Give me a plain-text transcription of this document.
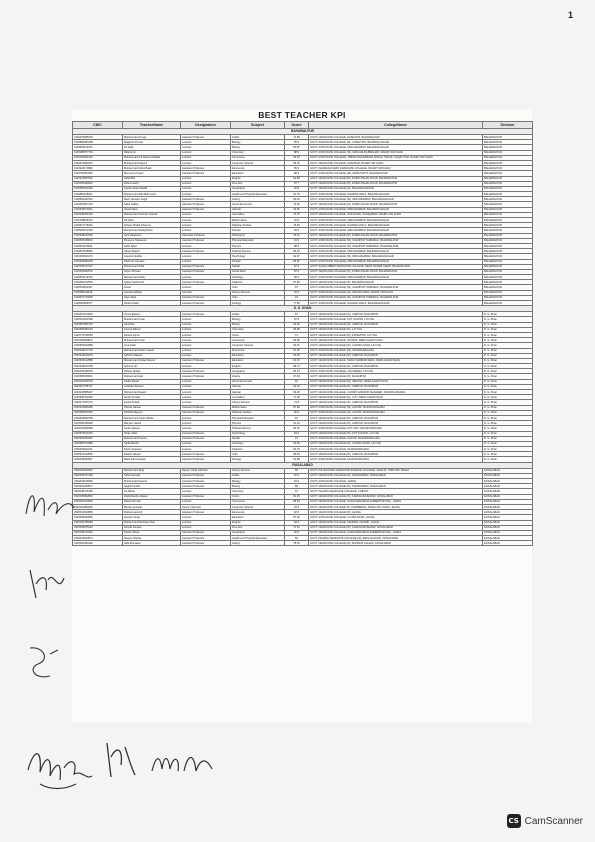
1
BEST TEACHER KPI
CNIC	TeacherName	Designation	Subject	Score	CollegeName	Division
BAHAWALPUR						
3120276688129	Muhammad Azmgir	Assistant Professor	Arabic	71.85	GOVT. GRADUATE COLLEGE, HASILPUR, BAHAWALPUR	BAHAWALPUR
3130882394289	Magbool Ahmad	Lecturer	Biology	95.5	GOVT. ASSOCIATE COLLEGE (M), CHISHTIAN, BAHAWALNAGAR	BAHAWALPUR
3110552672919	Ali Sajid	Lecturer	Botany	84.87	GOVT. ASSOCIATE COLLEGE, MINCHINABAD, BAHAWALNAGAR	BAHAWALPUR
3130088377764	Rida Amin	Lecturer	Chemistry	88.9	GOVT. ASSOCIATE COLLEGE (W), MANAHILIQUBESHAN, RAHIM YAR KHAN	BAHAWALPUR
3110106992329	Muhammad Arif Rasheed Malik	Lecturer	Commerce	90.45	GOVT. ASSOCIATE COLLEGE, TRINDA MUHAMMAD PANAH, TEHSIL LIAQAT PUR, RAHIM YAR KHAN	BAHAWALPUR
3130341689137	Muhammad Kaleem	Lecturer	Computer Science	86.18	GOVT. GRADUATE COLLEGE, KHANPUR, RAHIM YAR KHAN	BAHAWALPUR
3130324170991	Muhammad Abdul Basit	Assistant Professor	Economics	89.5	GOVT. KHAWAJA FARID GRADUATE COLLEGE, RAHIM YAR KHAN	BAHAWALPUR
3120763097652	Memoona Kiyani	Assistant Professor	Education	88.5	GOVT. ASSOCIATE COLLEGE (W), SAMA SATTA, BAHAWALPUR	BAHAWALPUR
3120124807622	Safia Bibi	Lecturer	English	92.68	GOVT. GRADUATE COLLEGE (W), DUBAI MAHAL ROAD, BAHAWALPUR	BAHAWALPUR
3120055499022	Zahra Haidry	Lecturer	Fine Arts	67.7	GOVT. GRADUATE COLLEGE (W), DUBAI MAHAL ROAD, BAHAWALPUR	BAHAWALPUR
3130550633160	Syeda Sultan Mahla	Lecturer	Geography	92.8	GOVT. GRADUATE COLLEGE (W), BAHAWALNAGAR	BAHAWALPUR
3110884125621	Muhammad Sibil Mahmood	Lecturer	Health and Physical Education	81.75	GOVT. ASSOCIATE COLLEGE, DAHRAN WALA, BAHAWALNAGAR	BAHAWALPUR
3130529449731	Nazir Hussain Asghl	Assistant Professor	History	90.16	GOVT. ASSOCIATE COLLEGE (W), MINCHINABAD, BAHAWALNAGAR	BAHAWALPUR
3120053967243	Saba Safdar	Assistant Professor	Home Economics	76.05	GOVT. GRADUATE COLLEGE (W), DUBAI MAHAL ROAD, BAHAWALPUR	BAHAWALPUR
3130536679441	Javed Iqbal	Assistant Professor	Islamiat	92.56	GOVT. ASSOCIATE COLLEGE, MINCHINABAD, BAHAWALNAGAR	BAHAWALPUR
3130436206749	Muhammad Zumman Sarwar	Lecturer	Journalism	70.75	GOVT. GRADUATE COLLEGE, JCW ROAD, SADIQABAD, RAHIM YAR KHAN	BAHAWALPUR
3110768825519	Ali Raza	Lecturer	Mathematics	91.5	GOVT. ASSOCIATE COLLEGE, MINCHINABAD, BAHAWALNAGAR	BAHAWALPUR
3110512776940	Zaheer Khalid Cheema	Lecturer	Pakistan Studies	76.35	GOVT. ASSOCIATE COLLEGE, DAHRAN WALA, BAHAWALNAGAR	BAHAWALPUR
3130225072118	Muhammad Shafiq Raza	Lecturer	Persian	94.5	GOVT. ASSOCIATE COLLEGE, MINCHINABAD, BAHAWALNAGAR	BAHAWALPUR
3120028237926	Aiza Tabassum	Associate Professor	Philosophy	76.12	GOVT. GRADUATE COLLEGE (W), DUBAI MAHAL ROAD, BAHAWALPUR	BAHAWALPUR
3130536448016	Rinsome Tabassum	Assistant Professor	Physical Education	91.5	GOVT. ASSOCIATE COLLEGE (W), KHANPUR TAMEWALI, BAHAWALPUR	BAHAWALPUR
3110551176843	Hafia Iqbal	Lecturer	Physics	88.5	GOVT. ASSOCIATE COLLEGE (W), KHANPUR TAMEWALI, BAHAWALPUR	BAHAWALPUR
3110837515684	Adnan Bashir	Assistant Professor	Political Science	80.23	GOVT. ASSOCIATE COLLEGE, MINCHINABAD, BAHAWALNAGAR	BAHAWALPUR
3130495104473	Aneeza Ghaffar	Lecturer	Psychology	92.97	GOVT. ASSOCIATE COLLEGE (W), MINCHINABAD, BAHAWALNAGAR	BAHAWALPUR
3130493983478	Shahnaz Hussain	Lecturer	Punjabi	86.87	GOVT. ASSOCIATE COLLEGE, MINCHINABAD, BAHAWALNAGAR	BAHAWALPUR
3120199727227	Muhammad Afzal	Assistant Professor	Saraiki	87.6	GOVT. SADIQ ABBAS GRADUATE COLLEGE, DERA NAWAB SAHIB, BAHAWALPUR	BAHAWALPUR
3120539062676	Anjum Rizwan	Assistant Professor	Social Work	87.5	GOVT. GRADUATE COLLEGE (W), DUBAI MAHAL ROAD, BAHAWALPUR	BAHAWALPUR
3130552113225	Muhammad Rafiq	Lecturer	Sociology	90.4	GOVT. ASSOCIATE COLLEGE, MINCHINABAD, BAHAWALNAGAR	BAHAWALPUR
3130593762554	Qaiser Mehmood	Assistant Professor	Statistics	87.83	GOVT. GRADUATE COLLEGE (W), BAHAWALNAGAR	BAHAWALPUR
3110549661937	Ismail	Lecturer	Urdu	87	GOVT. ASSOCIATE COLLEGE (W), KHANPUR TAMEWALI, BAHAWALPUR	BAHAWALPUR
3130458411108	Ayesha Zulfiqar	Librarian	Library Science	78.5	GOVT. ASSOCIATE COLLEGE (W), MAKAR ADDA, RAHIM YAR KHAN	BAHAWALPUR
3120007734065	Aliya Iqbal	Assistant Professor	Urdu	91	GOVT. ASSOCIATE COLLEGE (W), KHANPUR TAMEWALI, BAHAWALPUR	BAHAWALPUR
3110066999977	Abdul Khaliq	Assistant Professor	Zoology	77.68	GOVT. ASSOCIATE COLLEGE, DAHRAN WALA, BAHAWALNAGAR	BAHAWALPUR
D. G. KHAN						
3240257163630	Uzma Saleem	Assistant Professor	Arabic	87	GOVT. GRADUATE COLLEGE (W), JAMPUR, RAJANPUR	D. G. Khan
3230451201599	Muhammad Imran	Lecturer	Biology	87.5	GOVT. GRADUATE COLLEGE, KOT SULTAN, LAYYAH	D. G. Khan
3240567851579	Hira Riaz	Lecturer	Botany	94.06	GOVT. GRADUATE COLLEGE (W), JAMPUR, RAJANPUR	D. G. Khan
3240396483749	Javeria Batool	Lecturer	Chemistry	96.08	GOVT. GRADUATE COLLEGE (W), LAYYAH	D. G. Khan
3220776799256	Zamaz Anjum	Lecturer	Civics	74	GOVT. GRADUATE COLLEGE (W), FATEHPUR, LAYYAH	D. G. Khan
3220195009873	Muhammad Imran	Lecturer	Commerce	86.58	GOVT. GRADUATE COLLEGE, TAUNSA, DERA GHAZI KHAN	D. G. Khan
3230552940968	Irma Zafar	Lecturer	Computer Science	93.01	GOVT. GRADUATE COLLEGE (W), CHOWK AZAM, LAYYAH	D. G. Khan
3230446107703	Muhammad Adnan Saeed	Lecturer	Economics	91.25	GOVT. ASSOCIATE COLLEGE (W), MUZAFFARGARH	D. G. Khan
3240234164276	Sehrish Majeed	Lecturer	Education	94.18	GOVT. GRADUATE COLLEGE (W), JAMPUR, RAJANPUR	D. G. Khan
3220364612889	Muhammad Ishtiaq Rasool	Assistant Professor	Education	63.15	GOVT. GRADUATE COLLEGE, SAKHI SARWAR DERA, DERA GHAZI KHAN	D. G. Khan
3240209100738	Qurat ul ain	Lecturer	English	88.74	GOVT. GRADUATE COLLEGE (W), JAMPUR, RAJANPUR	D. G. Khan
3230155445278	Zaheer Abbas	Assistant Professor	Geography	84.73	GOVT. ASSOCIATE COLLEGE, CHAUBARA, LAYYAH	D. G. Khan
3230686369041	Muhammad Ajaz	Assistant Professor	History	97.84	GOVT. GRADUATE COLLEGE (W), RAJANPUR	D. G. Khan
3220162459745	Sadia Saeed	Lecturer	Home Economics	91	GOVT. GRADUATE COLLEGE (W), VEHOVA, DERA GHAZI KHAN	D. G. Khan
3240115795747	Ghazala Tanveer	Lecturer	Islamiat	92.34	GOVT. GRADUATE COLLEGE (W), JAMPUR, RAJANPUR	D. G. Khan
3230245888407	Muhammad Saeed	Lecturer	Islamiat	93.28	GOVT. GRADUATE COLLEGE, CHOWK SARWAR SHAHEED, MUZAFFARGARH	D. G. Khan
3230390752303	Zarish Ahmad	Lecturer	Journalism	71.38	GOVT. GRADUATE COLLEGE (W), CITY, DERA GHAZI KHAN	D. G. Khan
3240277067476	Aroba Rubab	Lecturer	Library Science	73.8	GOVT. GRADUATE COLLEGE (W), JAMPUR, RAJANPUR	D. G. Khan
3240215686286	Shazia Jabeen	Assistant Professor	Mathematics	87.86	GOVT. ASSOCIATE COLLEGE (W), ALIPUR, MUZAFFARGARH	D. G. Khan
3230505363325	Shahida Begum	Assistant Professor	Pakistan Studies	90.6	GOVT. ASSOCIATE COLLEGE (W), ALIPUR, MUZAFFARGARH	D. G. Khan
3230464890759	Muhammad Anjum Abbas	Lecturer	Physical Education	87	GOVT. GRADUATE COLLEGE (W), JAMPUR, RAJANPUR	D. G. Khan
3210050436696	Maryam Javed	Lecturer	Physics	91.24	GOVT. GRADUATE COLLEGE (W), JAMPUR, RAJANPUR	D. G. Khan
3220031508389	Farha Jabeen	Lecturer	Political Science	80.78	GOVT. ASSOCIATE COLLEGE, KOT ADU, MUZAFFARGARH	D. G. Khan
3220579519749	Nizam Riaz	Assistant Professor	Psychology	84.5	GOVT. GRADUATE COLLEGE (W), KOT SULTAN, LAYYAH	D. G. Khan
3230606383397	Muhammad Farooq	Assistant Professor	Saraiki	91	GOVT. ASSOCIATE COLLEGE, ALIPUR, MUZAFFARGARH	D. G. Khan
3230586372886	Sadia Bashir	Lecturer	Sociology	93.59	GOVT. GRADUATE COLLEGE (W), CHOWK AZAM, LAYYAH	D. G. Khan
3230454842211	Nazim Hussain	Lecturer	Statistics	80.75	GOVT. ASSOCIATE COLLEGE, MUZAFFARGARH	D. G. Khan
3220324412852	Wasifa Jabeen	Assistant Professor	Urdu	86.54	GOVT. GRADUATE COLLEGE (W), JAMPUR, RAJANPUR	D. G. Khan
3230408352847	Malik Fiaz Hussain	Assistant Professor	Zoology	91.88	GOVT. ASSOCIATE COLLEGE, MUZAFFARGARH	D. G. Khan
FAISALABAD						
3330032452601	Muhammad Tariq	Deputy Chief Librarian	Library Science	85	GOVT. P.B GHOUSIA GRADUATE SCIENCE COLLEGE, 333/G.B, TOBA TEK SINGH	FAISALABAD
3310033477206	Sobia Kanwal	Assistant Professor	Arabic	87.2	GOVT. GRADUATE COLLEGE (W), SAMANABAD, FAISALABAD	FAISALABAD
3310003108696	Muhammad Haneef	Assistant Professor	Biology	91.5	GOVT. ASSOCIATE COLLEGE, JHANG	FAISALABAD
3310003340877	Saghira Kalim	Assistant Professor	Botany	88	GOVT. GRADUATE COLLEGE (W), SAMANABAD, FAISALABAD	FAISALABAD
3320048475195	Ali Abbas	Lecturer	Chemistry	97	GOVT. ISLAMIA GRADUATE COLLEGE, CHINIOT	FAISALABAD
3310035052840	Rukhshanda Jabeen	Assistant Professor	Civics	81.25	GOVT. GRADUATE COLLEGE (W), KARKHANA BAZAR, FAISALABAD	FAISALABAD
3320020224566	Saeed Ahmad	Lecturer	Commerce	88.83	GOVT. GRADUATE COLLEGE, GARH MAHARAJA AHMEDPUR SIAL, JHANG	FAISALABAD
3310031983263	Burhan Hussain	Senior Instructor	Computer Science	94.5	GOVT. GRADUATE COLLEGE OF COMMERCE, SATELLITE TOWN, JHANG	FAISALABAD
3320031544865	Muhammad Arif	Assistant Professor	Economics	92.5	GOVT. GRADUATE COLLEGE (W), JHANG	FAISALABAD
3320399993983	Zeshan Ishaq	Lecturer	Education	87.96	GOVT. ASSOCIATE COLLEGE, GOJRA ROAD, JHANG	FAISALABAD
3330020435085	Muhammad Mushtaq Khan	Lecturer	English	93.5	GOVT. GRADUATE COLLEGE, ADHIWAL CHOWK, JHANG	FAISALABAD
3310093975434	Zaryab Kanwal	Lecturer	Fine Arts	71.51	GOVT. GRADUATE COLLEGE (W), KARKHANA BAZAR, FAISALABAD	FAISALABAD
3310045372391	Tanwir Abbas	Assistant Professor	Geography	92.5	GOVT. GRADUATE COLLEGE, GARH MAHARAJA AHMEDPUR SIAL, JHANG	FAISALABAD
3320015820874	Noreen Shazia	Assistant Professor	Health and Physical Education	82	GOVT. ISLAMIA GRADUATE COLLEGE (W), EIDGAH ROAD, FAISALABAD	FAISALABAD
3310005454492	Nida Munawar	Assistant Professor	History	78.29	GOVT. GRADUATE COLLEGE (W), MANSUR KAHANI, FAISALABAD	FAISALABAD
CS CamScanner
